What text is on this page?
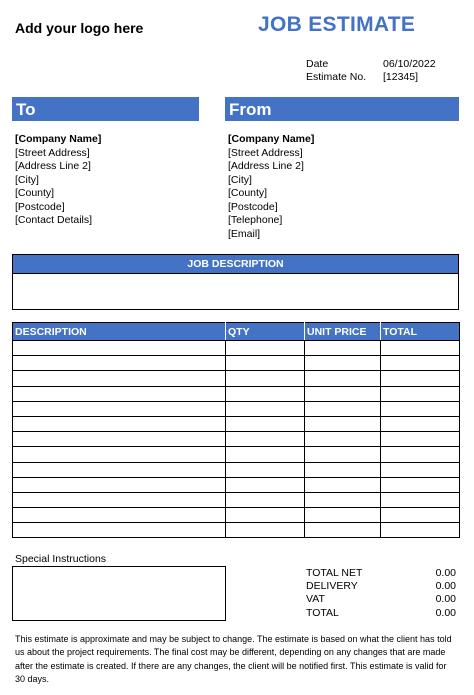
Add your logo here	JOB ESTIMATE
Date	06/10/2022
Estimate No. [12345]
To	From
[Company Name]
[Street Address]
[Address Line 2]
[City]
[County]
[Postcode]
[Contact Details]
[Company Name]
[Street Address]
[Address Line 2]
[City]
[County]
[Postcode]
[Telephone]
[Email]
JOB DESCRIPTION
DESCRIPTION	QTY	UNIT PRICE	TOTAL

Special Instructions
TOTAL NET	0.00
DELIVERY	0.00
VAT	0.00
TOTAL	0.00
This estimate is approximate and may be subject to change. The estimate is based on what the client has told us about the project requirements. The final cost may be different, depending on any changes that are made after the estimate is created. If there are any changes, the client will be notified first. This estimate is valid for 30 days.
